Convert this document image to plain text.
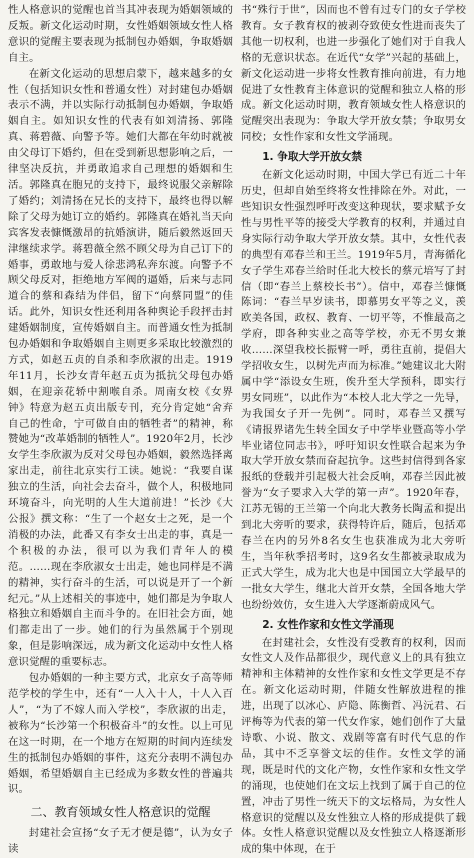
性人格意识的觉醒也首当其冲表现为婚姻领域的反叛。新文化运动时期，女性婚姻领域女性人格意识的觉醒主要表现为抵制包办婚姻，争取婚姻自主。

在新文化运动的思想启蒙下，越来越多的女性（包括知识女性和普通女性）对封建包办婚姻表示不满，并以实际行动抵制包办婚姻，争取婚姻自主。如知识女性的代表有如刘清扬、郭隆真、蒋碧薇、向警予等。她们大都在年幼时就被由父母订下婚约，但在受到新思想影响之后，一律坚决反抗，并勇敢追求自己理想的婚姻和生活。郭隆真在胞兄的支持下，最终说服父亲解除了婚约；刘清扬在兄长的支持下，最终也得以解除了父母为她订立的婚约。郭隆真在婚礼当天向宾客发表慷慨激昂的抗婚演讲，随后毅然返回天津继续求学。蒋碧薇全然不顾父母为自己订下的婚事，勇敢地与爱人徐悲鸿私奔东渡。向警予不顾父母反对，拒绝地方军阀的逼婚，后来与志同道合的蔡和森结为伴侣，留下“向蔡同盟”的佳话。此外，知识女性还利用各种舆论手段抨击封建婚姻制度，宣传婚姻自主。而普通女性为抵制包办婚姻和争取婚姻自主则更多采取比较激烈的方式，如赵五贞的自杀和李欣淑的出走。1919年11月，长沙女青年赵五贞为抵抗父母包办婚姻，在迎亲花轿中割喉自杀。周南女校《女界钟》特意为赵五贞出版专刊，充分肯定她“舍弃自己的性命，宁可做自由的牺牲者”的精神，称赞她为“改革婚制的牺牲人”。1920年2月，长沙女学生李欣淑为反对父母包办婚姻，毅然选择离家出走，前往北京实行工读。她说：“我要自谋独立的生活，向社会去奋斗，做个人，积极地同环境奋斗，向光明的人生大道前进！”长沙《大公报》撰文称：“生了一个赵女士之死，是一个消极的办法，此番又有李女士出走的事，真是一个积极的办法，很可以为我们青年人的模范。……现在李欣淑女士出走，她也同样是不满的精神，实行奋斗的生活，可以说是开了一个新纪元。”从上述相关的事迹中，她们都是为争取人格独立和婚姻自主而斗争的。在旧社会方面，她们都走出了一步。她们的行为虽然属于个别现象，但是影响深远，成为新文化运动中女性人格意识觉醒的重要标志。

包办婚姻的一种主要方式，北京女子高等师范学校的学生中，还有“一人入十人，十人入百人”，“为了不嫁人而入学校”，李欣淑的出走，被称为“长沙第一个积极奋斗”的女性。以上可见在这一时期，在一个地方在短期的时间内连续发生的抵制包办婚姻的事件，这充分表明不满包办婚姻，希望婚姻自主已经成为多数女性的普遍共识。

二、教育领域女性人格意识的觉醒

封建社会宣扬“女子无才便是德”，认为女子读

书“殊行于世”，因而也不曾有过专门的女子学校教育。女子教育权的被剥夺致使女性进而丧失了其他一切权利，也进一步强化了她们对于自我人格的无意识状态。在近代“女学”兴起的基础上，新文化运动进一步将女性教育推向前进，有力地促进了女性教育主体意识的觉醒和独立人格的形成。新文化运动时期，教育领域女性人格意识的觉醒突出表现为：争取大学开放女禁；争取男女同校；女性作家和女性文学涌现。

1. 争取大学开放女禁

在新文化运动时期，中国大学已有近二十年历史，但却自始至终将女性排除在外。对此，一些知识女性强烈呼吁改变这种现状，要求赋予女性与男性平等的接受大学教育的权利，并通过自身实际行动争取大学开放女禁。其中，女性代表的典型有邓春兰和王兰。1919年5月，青海循化女子学生邓春兰给时任北大校长的蔡元培写了封信（即“春兰上蔡校长书”）。信中，邓春兰慷慨陈词：“春兰早岁读书，即慕男女平等之义，羡欧美各国，政权、教育、一切平等，不惟最高之学府，即各种实业之高等学校，亦无不男女兼收……深望我校长振臂一呼，勇往直前，提倡大学招收女生，以树先声而为标准。”她建议北大附属中学“添设女生班，俟升至大学预科，即实行男女同班”，以此作为“本校人北大学之一先导，为我国女子开一先例”。同时，邓春兰又撰写《请报界诸先生转全国女子中学毕业暨高等小学毕业诸位同志书》，呼吁知识女性联合起来为争取大学开放女禁而奋起抗争。这些封信得到各家报纸的登载并引起极大社会反响，邓春兰因此被誉为“女子要求入大学的第一声”。1920年春，江苏无锡的王兰第一个向北大教务长陶孟和提出到北大旁听的要求，获得特许后，随后，包括邓春兰在内的另外8名女生也获准成为北大旁听生，当年秋季招考时，这9名女生都被录取成为正式大学生，成为北大也是中国国立大学最早的一批女大学生，继北大首开女禁，全国各地大学也纷纷效仿，女生进入大学逐渐蔚成风气。

2. 女性作家和女性文学涌现

在封建社会，女性没有受教育的权利，因而女性文人及作品都很少，现代意义上的具有独立精神和主体精神的女性作家和女性文学更是不存在。新文化运动时期，伴随女性解放进程的推进，出现了以冰心、庐隐、陈衡哲、冯沅君、石评梅等为代表的第一代女作家，她们创作了大量诗歌、小说、散文、戏剧等富有时代气息的作品，其中不乏享誉文坛的佳作。女性文学的涌现，既是时代的文化产物，女性作家和女性文学的涌现，也使她们在文坛上找到了属于自己的位置，冲击了男性一统天下的文坛格局，为女性人格意识的觉醒以及女性独立人格的形成提供了载体。女性人格意识觉醒以及女性独立人格逐渐形成的集中体现，在于
